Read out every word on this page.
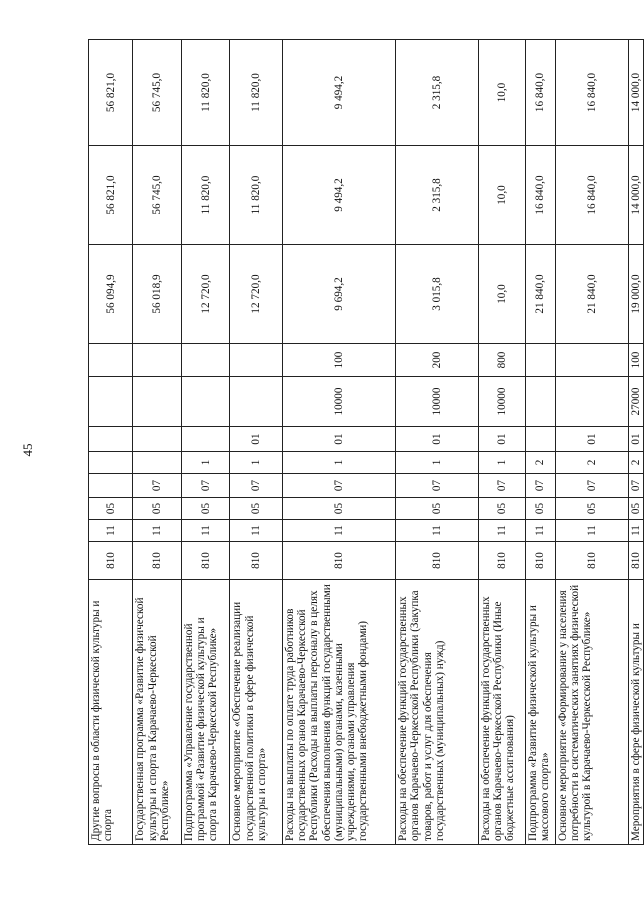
45
Другие вопросы в области физической культуры и спорта	810	11	05						56 094,9	56 821,0	56 821,0
Государственная программа «Развитие физической культуры и спорта в Карачаево-Черкесской Республике»	810	11	05	07					56 018,9	56 745,0	56 745,0
Подпрограмма «Управление государственной программой «Развитие физической культуры и спорта в Карачаево-Черкесской Республике»	810	11	05	07	1				12 720,0	11 820,0	11 820,0
Основное мероприятие «Обеспечение реализации государственной политики в сфере физической культуры и спорта»	810	11	05	07	1	01			12 720,0	11 820,0	11 820,0
Расходы на выплаты по оплате труда работников государственных органов Карачаево-Черкесской Республики (Расходы на выплаты персоналу в целях обеспечения выполнения функций государственными (муниципальными) органами, казенными учреждениями, органами управления государственными внебюджетными фондами)	810	11	05	07	1	01	10000	100	9 694,2	9 494,2	9 494,2
Расходы на обеспечение функций государственных органов Карачаево-Черкесской Республики (Закупка товаров, работ и услуг для обеспечения государственных (муниципальных) нужд)	810	11	05	07	1	01	10000	200	3 015,8	2 315,8	2 315,8
Расходы на обеспечение функций государственных органов Карачаево-Черкесской Республики (Иные бюджетные ассигнования)	810	11	05	07	1	01	10000	800	10,0	10,0	10,0
Подпрограмма «Развитие физической культуры и массового спорта»	810	11	05	07	2				21 840,0	16 840,0	16 840,0
Основное мероприятие «Формирование у населения потребности в систематических занятиях физической культурой в Карачаево-Черкесской Республике»	810	11	05	07	2	01			21 840,0	16 840,0	16 840,0
Мероприятия в сфере физической культуры и	810	11	05	07	2	01	27000	100	19 000,0	14 000,0	14 000,0
